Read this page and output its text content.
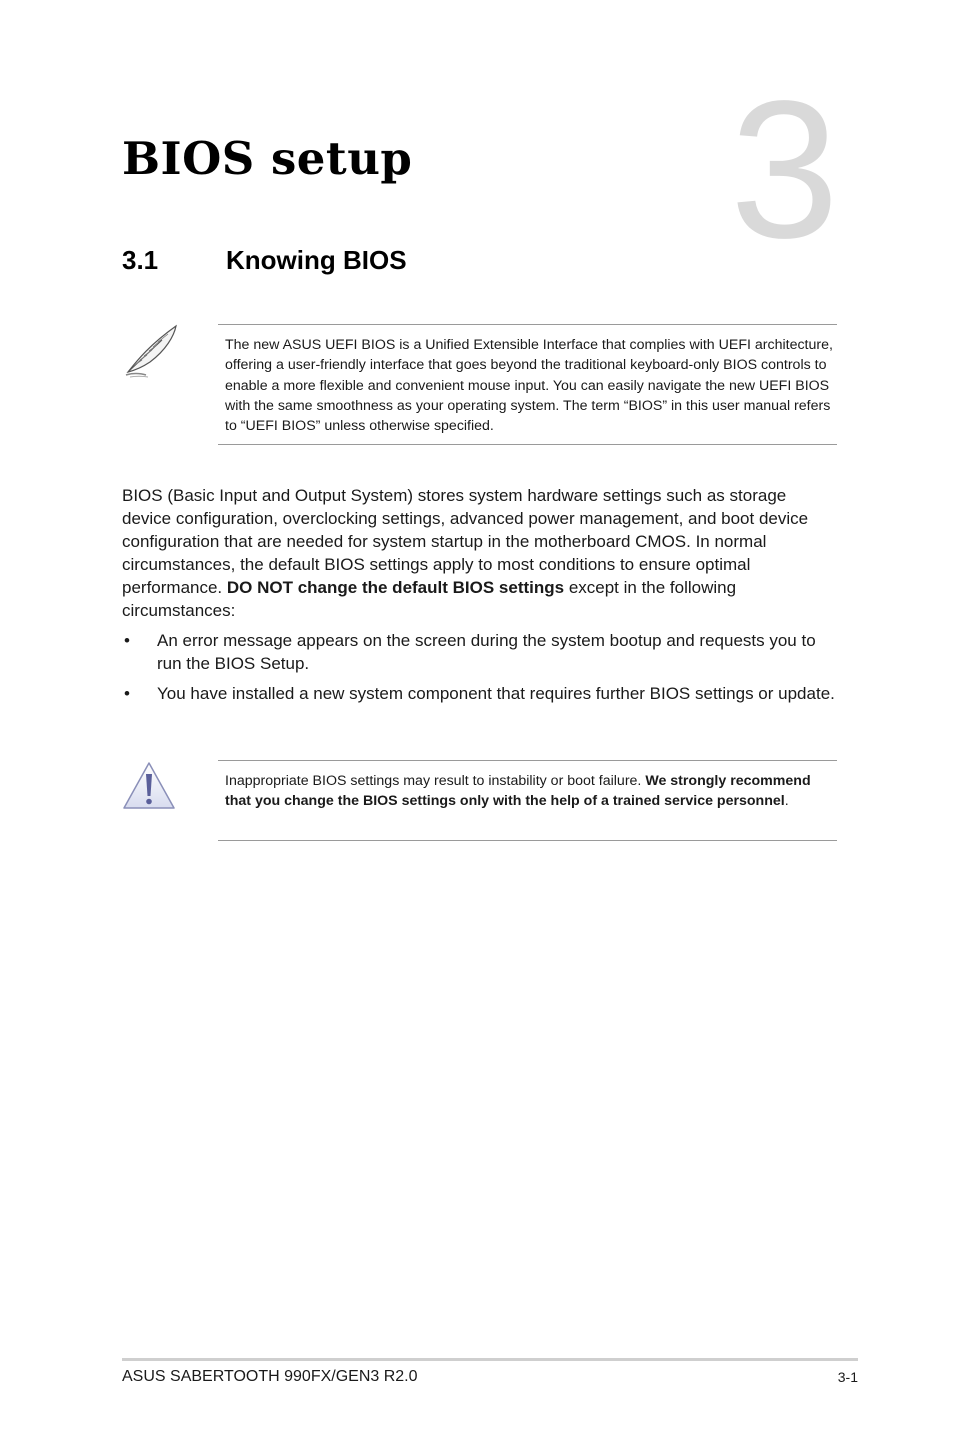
3
BIOS setup
3.1	Knowing BIOS
The new ASUS UEFI BIOS is a Unified Extensible Interface that complies with UEFI architecture, offering a user-friendly interface that goes beyond the traditional keyboard-only BIOS controls to enable a more flexible and convenient mouse input. You can easily navigate the new UEFI BIOS with the same smoothness as your operating system. The term “BIOS” in this user manual refers to “UEFI BIOS” unless otherwise specified.

BIOS (Basic Input and Output System) stores system hardware settings such as storage device configuration, overclocking settings, advanced power management, and boot device configuration that are needed for system startup in the motherboard CMOS. In normal circumstances, the default BIOS settings apply to most conditions to ensure optimal performance. DO NOT change the default BIOS settings except in the following circumstances:

• An error message appears on the screen during the system bootup and requests you to run the BIOS Setup.
• You have installed a new system component that requires further BIOS settings or update.
Inappropriate BIOS settings may result to instability or boot failure. We strongly recommend that you change the BIOS settings only with the help of a trained service personnel.
ASUS SABERTOOTH 990FX/GEN3 R2.0	3-1
